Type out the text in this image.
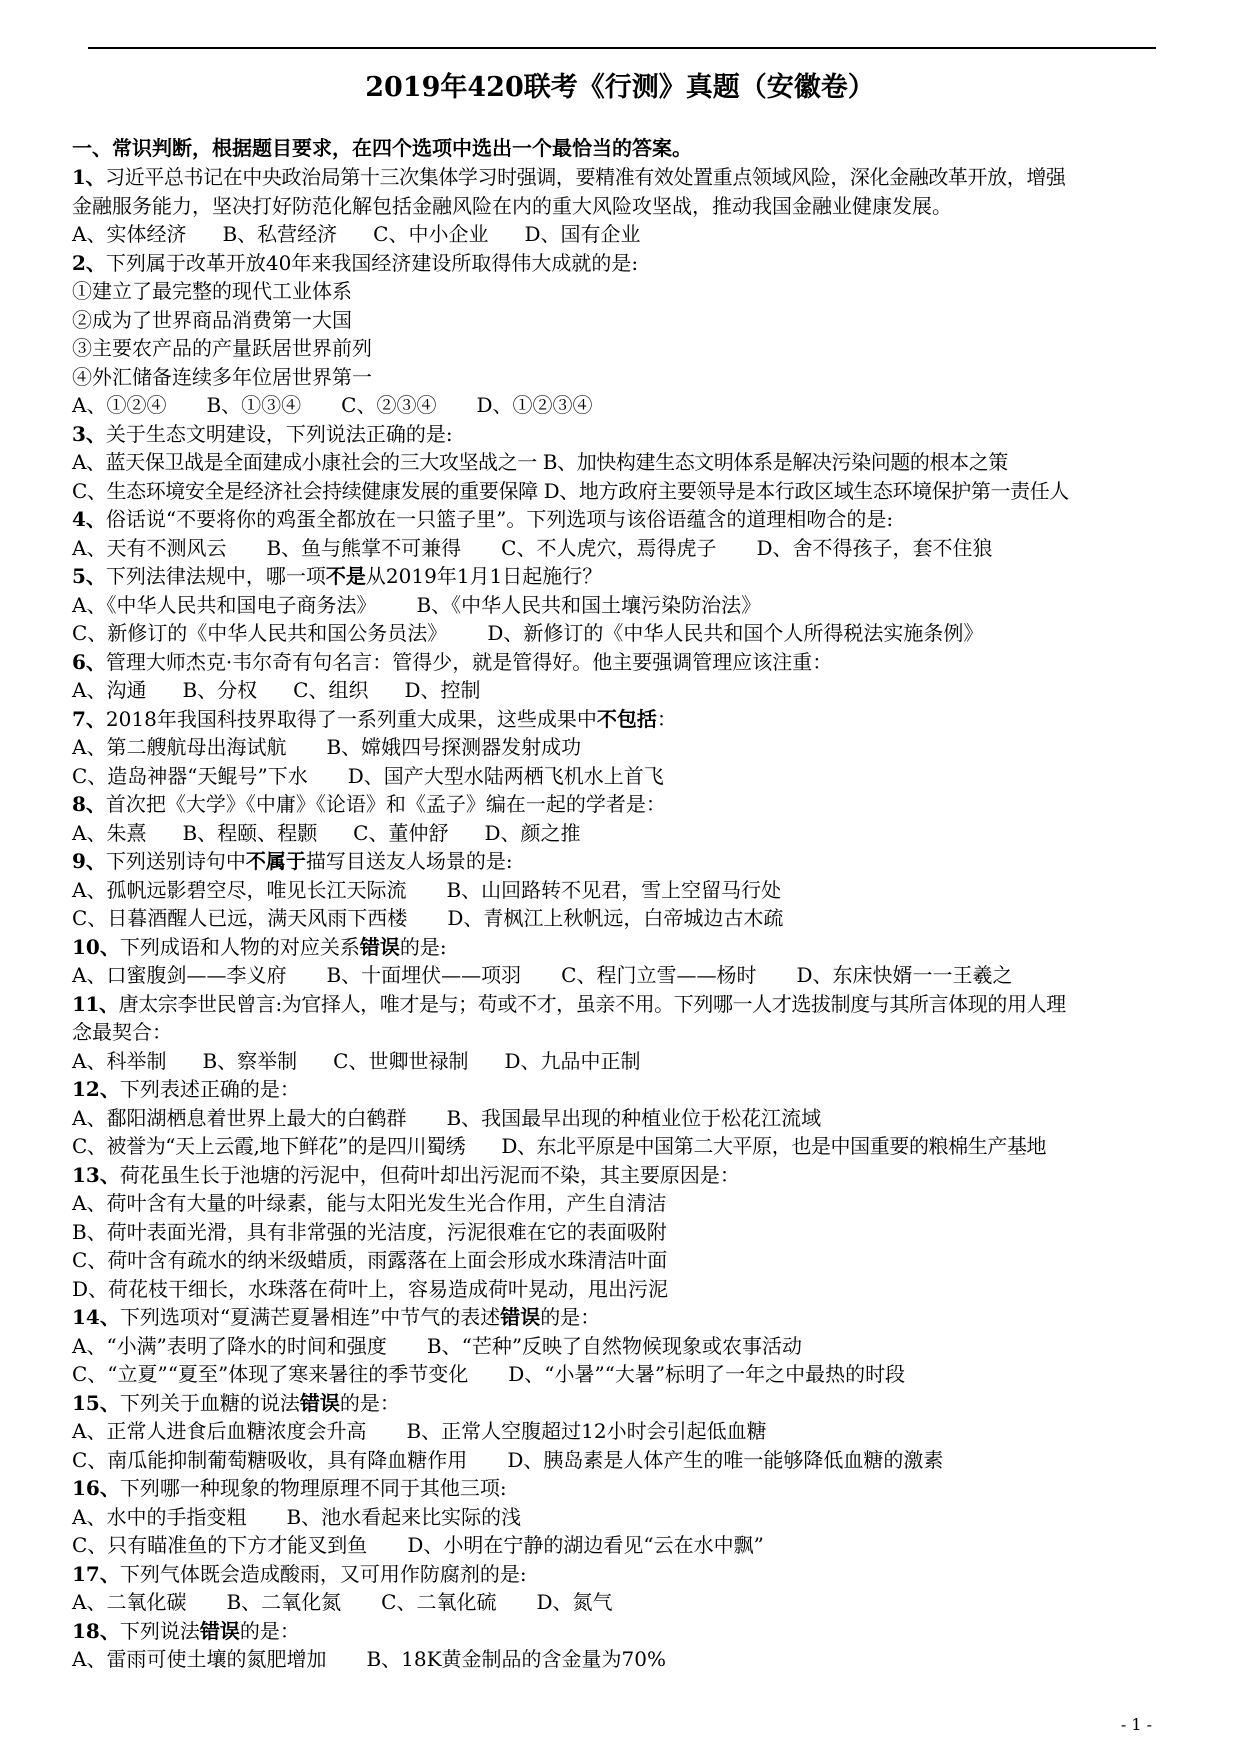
2019年420联考《行测》真题（安徽卷）
一、常识判断，根据题目要求，在四个选项中选出一个最恰当的答案。
1、习近平总书记在中央政治局第十三次集体学习时强调，要精准有效处置重点领域风险，深化金融改革开放，增强
金融服务能力，坚决打好防范化解包括金融风险在内的重大风险攻坚战，推动我国金融业健康发展。
A、实体经济 B、私营经济 C、中小企业 D、国有企业
2、下列属于改革开放40年来我国经济建设所取得伟大成就的是:
①建立了最完整的现代工业体系
②成为了世界商品消费第一大国
③主要农产品的产量跃居世界前列
④外汇储备连续多年位居世界第一
A、①②④ B、①③④ C、②③④ D、①②③④
3、关于生态文明建设，下列说法正确的是:
A、蓝天保卫战是全面建成小康社会的三大攻坚战之一 B、加快构建生态文明体系是解决污染问题的根本之策
C、生态环境安全是经济社会持续健康发展的重要保障 D、地方政府主要领导是本行政区域生态环境保护第一责任人
4、俗话说“不要将你的鸡蛋全都放在一只篮子里”。下列选项与该俗语蕴含的道理相吻合的是:
A、天有不测风云 B、鱼与熊掌不可兼得 C、不人虎穴，焉得虎子 D、舍不得孩子，套不住狼
5、下列法律法规中，哪一项不是从2019年1月1日起施行？
A、《中华人民共和国电子商务法》 B、《中华人民共和国土壤污染防治法》
C、新修订的《中华人民共和国公务员法》 D、新修订的《中华人民共和国个人所得税法实施条例》
6、管理大师杰克·韦尔奇有句名言：管得少，就是管得好。他主要强调管理应该注重：
A、沟通 B、分权 C、组织 D、控制
7、2018年我国科技界取得了一系列重大成果，这些成果中不包括：
A、第二艘航母出海试航 B、嫦娥四号探测器发射成功
C、造岛神器“天鲲号”下水 D、国产大型水陆两栖飞机水上首飞
8、首次把《大学》《中庸》《论语》和《孟子》编在一起的学者是：
A、朱熹 B、程颐、程颢 C、董仲舒 D、颜之推
9、下列送别诗句中不属于描写目送友人场景的是:
A、孤帆远影碧空尽，唯见长江天际流 B、山回路转不见君，雪上空留马行处
C、日暮酒醒人已远，满天风雨下西楼 D、青枫江上秋帆远，白帝城边古木疏
10、下列成语和人物的对应关系错误的是:
A、口蜜腹剑——李义府 B、十面埋伏——项羽 C、程门立雪——杨时 D、东床快婿一一王羲之
11、唐太宗李世民曾言:为官择人，唯才是与；苟或不才，虽亲不用。下列哪一人才选拔制度与其所言体现的用人理
念最契合：
A、科举制 B、察举制 C、世卿世禄制 D、九品中正制
12、下列表述正确的是：
A、鄱阳湖栖息着世界上最大的白鹤群 B、我国最早出现的种植业位于松花江流域
C、被誉为“天上云霞,地下鲜花”的是四川蜀绣 D、东北平原是中国第二大平原，也是中国重要的粮棉生产基地
13、荷花虽生长于池塘的污泥中，但荷叶却出污泥而不染，其主要原因是：
A、荷叶含有大量的叶绿素，能与太阳光发生光合作用，产生自清洁
B、荷叶表面光滑，具有非常强的光洁度，污泥很难在它的表面吸附
C、荷叶含有疏水的纳米级蜡质，雨露落在上面会形成水珠清洁叶面
D、荷花枝干细长，水珠落在荷叶上，容易造成荷叶晃动，甩出污泥
14、下列选项对“夏满芒夏暑相连”中节气的表述错误的是：
A、“小满”表明了降水的时间和强度 B、“芒种”反映了自然物候现象或农事活动
C、“立夏”“夏至”体现了寒来暑往的季节变化 D、“小暑”“大暑”标明了一年之中最热的时段
15、下列关于血糖的说法错误的是：
A、正常人进食后血糖浓度会升高 B、正常人空腹超过12小时会引起低血糖
C、南瓜能抑制葡萄糖吸收，具有降血糖作用 D、胰岛素是人体产生的唯一能够降低血糖的激素
16、下列哪一种现象的物理原理不同于其他三项:
A、水中的手指变粗 B、池水看起来比实际的浅
C、只有瞄准鱼的下方才能叉到鱼 D、小明在宁静的湖边看见“云在水中飘”
17、下列气体既会造成酸雨，又可用作防腐剂的是:
A、二氧化碳 B、二氧化氮 C、二氧化硫 D、氮气
18、下列说法错误的是：
A、雷雨可使土壤的氮肥增加 B、18K黄金制品的含金量为70%
- 1 -
